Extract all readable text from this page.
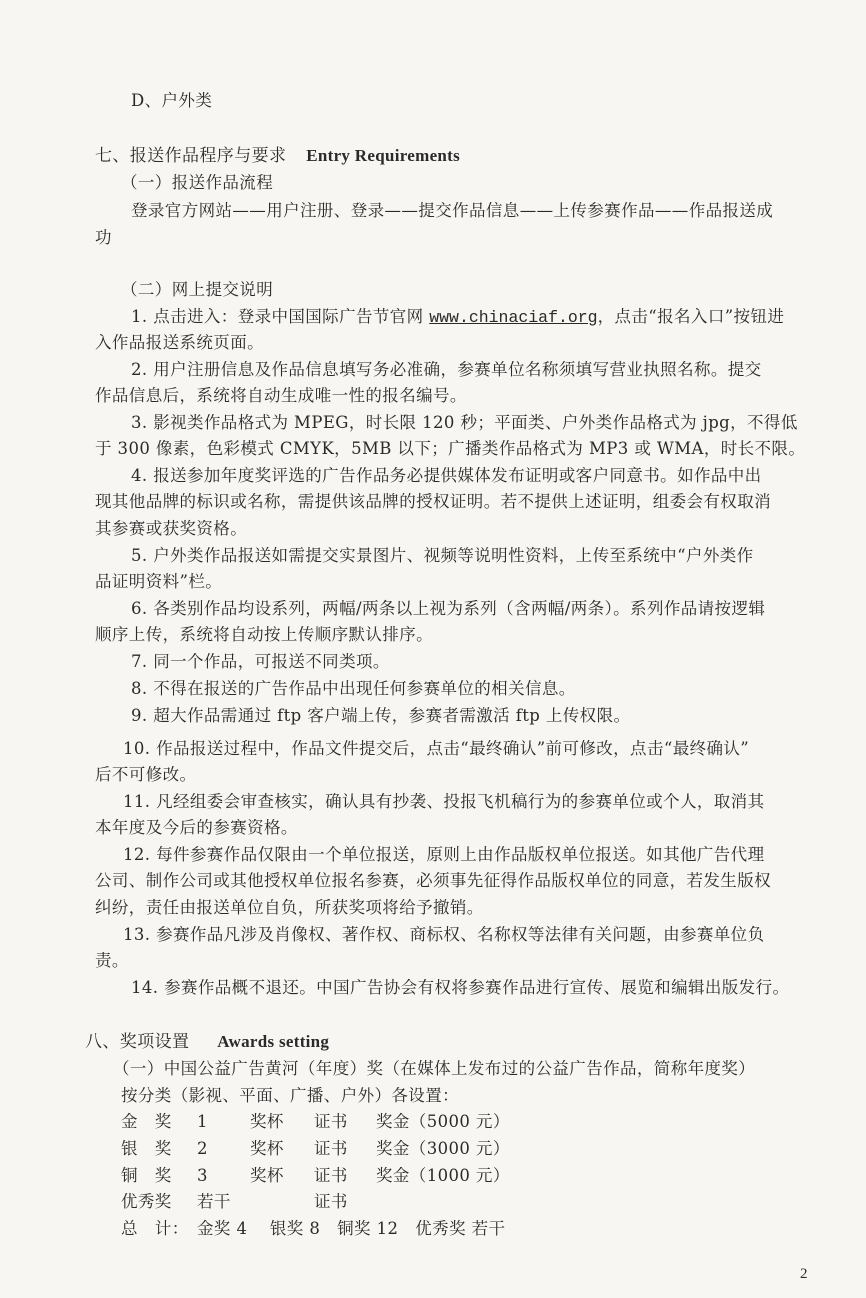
D、户外类
七、报送作品程序与要求 Entry Requirements
（一）报送作品流程
登录官方网站——用户注册、登录——提交作品信息——上传参赛作品——作品报送成
功
（二）网上提交说明
1. 点击进入：登录中国国际广告节官网 www.chinaciaf.org，点击“报名入口”按钮进
入作品报送系统页面。
2. 用户注册信息及作品信息填写务必准确，参赛单位名称须填写营业执照名称。提交
作品信息后，系统将自动生成唯一性的报名编号。
3. 影视类作品格式为 MPEG，时长限 120 秒；平面类、户外类作品格式为 jpg，不得低
于 300 像素，色彩模式 CMYK，5MB 以下；广播类作品格式为 MP3 或 WMA，时长不限。
4. 报送参加年度奖评选的广告作品务必提供媒体发布证明或客户同意书。如作品中出
现其他品牌的标识或名称，需提供该品牌的授权证明。若不提供上述证明，组委会有权取消
其参赛或获奖资格。
5. 户外类作品报送如需提交实景图片、视频等说明性资料，上传至系统中“户外类作
品证明资料”栏。
6. 各类别作品均设系列，两幅/两条以上视为系列（含两幅/两条）。系列作品请按逻辑
顺序上传，系统将自动按上传顺序默认排序。
7. 同一个作品，可报送不同类项。
8. 不得在报送的广告作品中出现任何参赛单位的相关信息。
9. 超大作品需通过 ftp 客户端上传，参赛者需激活 ftp 上传权限。
10. 作品报送过程中，作品文件提交后，点击“最终确认”前可修改，点击“最终确认”
后不可修改。
11. 凡经组委会审查核实，确认具有抄袭、投报飞机稿行为的参赛单位或个人，取消其
本年度及今后的参赛资格。
12. 每件参赛作品仅限由一个单位报送，原则上由作品版权单位报送。如其他广告代理
公司、制作公司或其他授权单位报名参赛，必须事先征得作品版权单位的同意，若发生版权
纠纷，责任由报送单位自负，所获奖项将给予撤销。
13. 参赛作品凡涉及肖像权、著作权、商标权、名称权等法律有关问题，由参赛单位负
责。
14. 参赛作品概不退还。中国广告协会有权将参赛作品进行宣传、展览和编辑出版发行。
八、奖项设置 Awards setting
（一）中国公益广告黄河（年度）奖（在媒体上发布过的公益广告作品，简称年度奖）
按分类（影视、平面、广播、户外）各设置：
金　奖 1	奖杯 证书 奖金（5000 元）
银　奖 2	奖杯 证书 奖金（3000 元）
铜　奖 3	奖杯 证书 奖金（1000 元）
优秀奖 若干	证书
总　计： 金奖 4　 银奖 8　铜奖 12　优秀奖 若干
2
